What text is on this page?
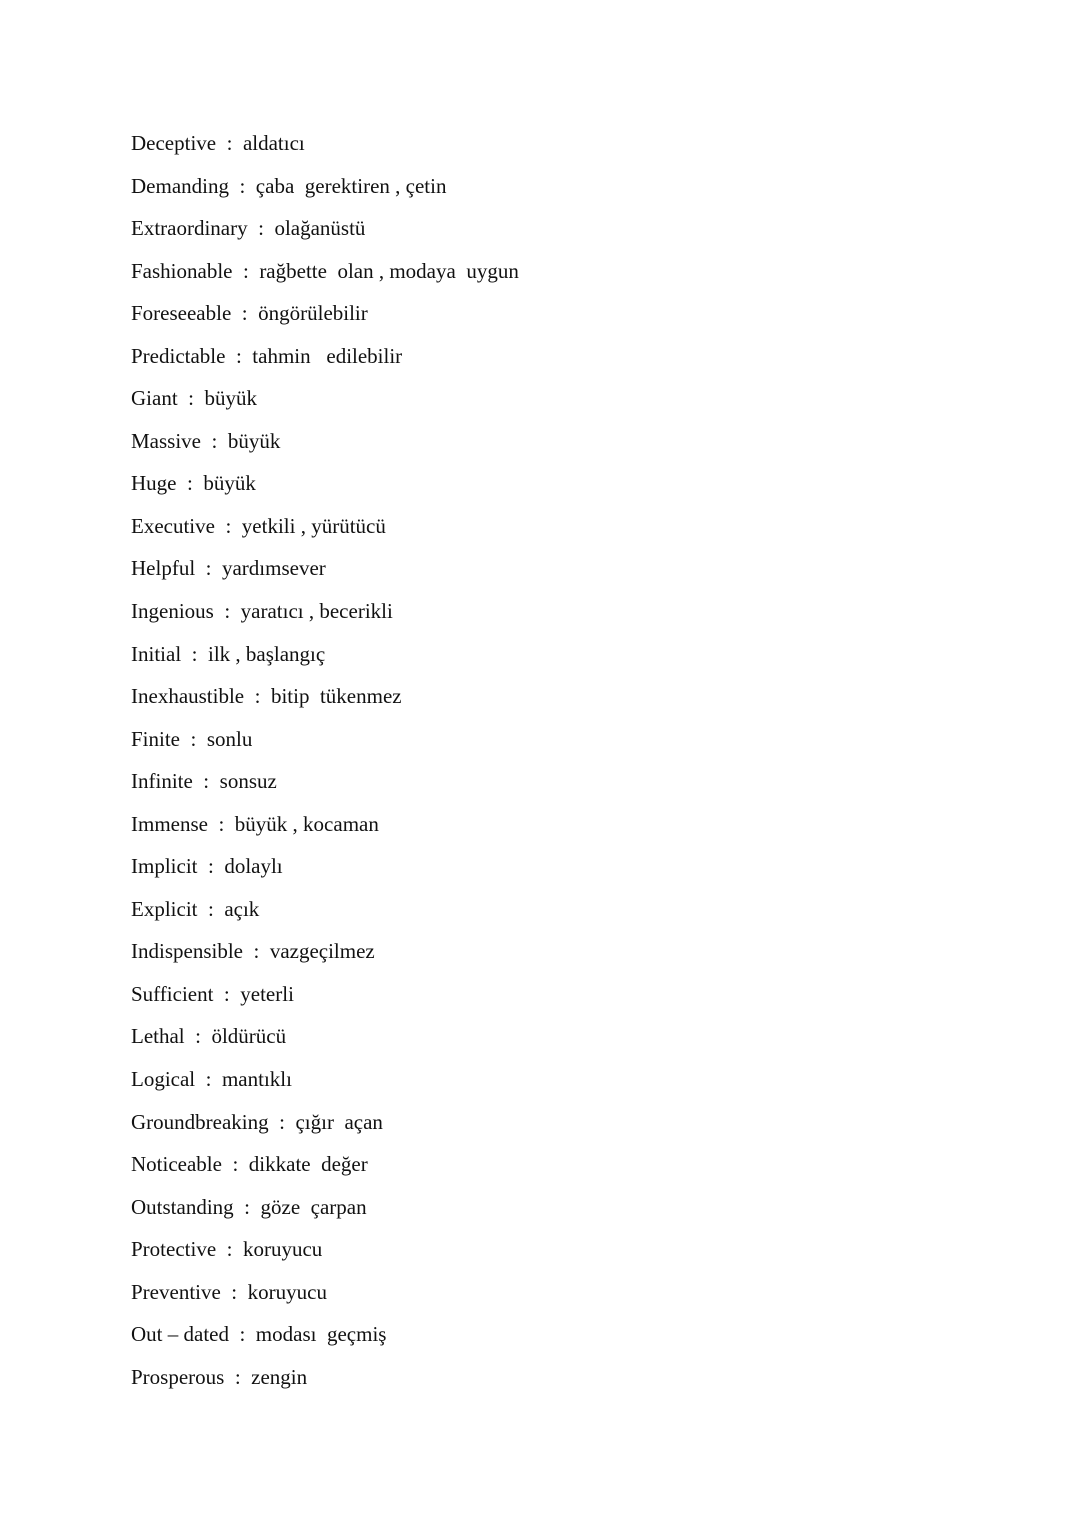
Deceptive  :  aldatıcı
Demanding  :  çaba  gerektiren , çetin
Extraordinary  :  olağanüstü
Fashionable  :  rağbette  olan , modaya  uygun
Foreseeable  :  öngörülebilir
Predictable  :  tahmin   edilebilir
Giant  :  büyük
Massive  :  büyük
Huge  :  büyük
Executive  :  yetkili , yürütücü
Helpful  :  yardımsever
Ingenious  :  yaratıcı , becerikli
Initial  :  ilk , başlangıç
Inexhaustible  :  bitip  tükenmez
Finite  :  sonlu
Infinite  :  sonsuz
Immense  :  büyük , kocaman
Implicit  :  dolaylı
Explicit  :  açık
Indispensible  :  vazgeçilmez
Sufficient  :  yeterli
Lethal  :  öldürücü
Logical  :  mantıklı
Groundbreaking  :  çığır  açan
Noticeable  :  dikkate  değer
Outstanding  :  göze  çarpan
Protective  :  koruyucu
Preventive  :  koruyucu
Out – dated  :  modası  geçmiş
Prosperous  :  zengin
